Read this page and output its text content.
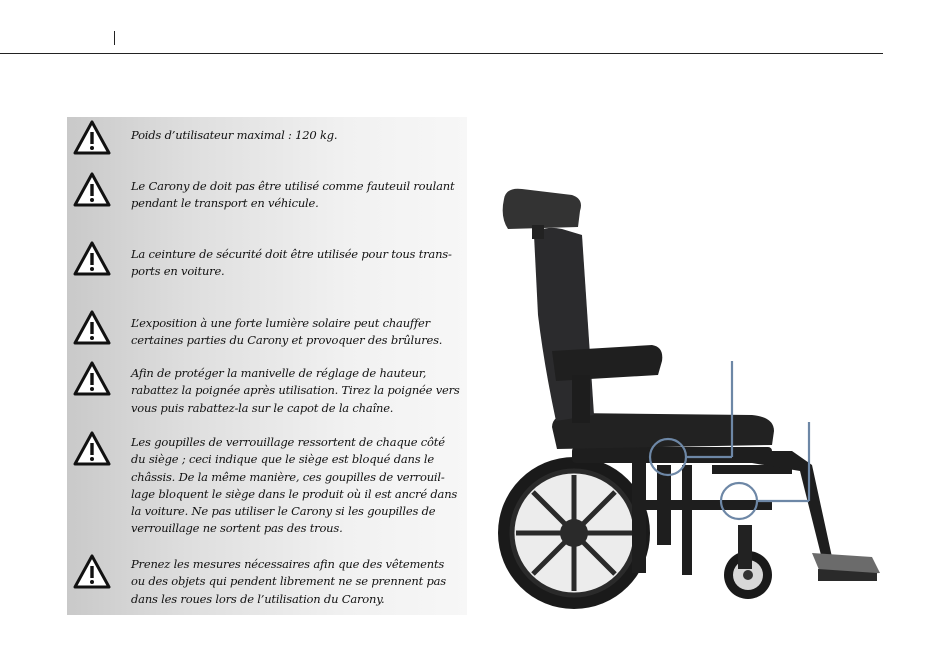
Poids d’utilisateur maximal : 120 kg.

Le Carony de doit pas être utilisé comme fauteuil roulant pendant le transport en véhicule.

La ceinture de sécurité doit être utilisée pour tous trans-ports en voiture.

L’exposition à une forte lumière solaire peut chauffer certaines parties du Carony et provoquer des brûlures.

Afin de protéger la manivelle de réglage de hauteur, rabattez la poignée après utilisation. Tirez la poignée vers vous puis rabattez-la sur le capot de la chaîne.

Les goupilles de verrouillage ressortent de chaque côté du siège ; ceci indique que le siège est bloqué dans le châssis. De la même manière, ces goupilles de verrouil-lage bloquent le siège dans le produit où il est ancré dans la voiture. Ne pas utiliser le Carony si les goupilles de verrouillage ne sortent pas des trous.

Prenez les mesures nécessaires afin que des vêtements ou des objets qui pendent librement ne se prennent pas dans les roues lors de l’utilisation du Carony.
